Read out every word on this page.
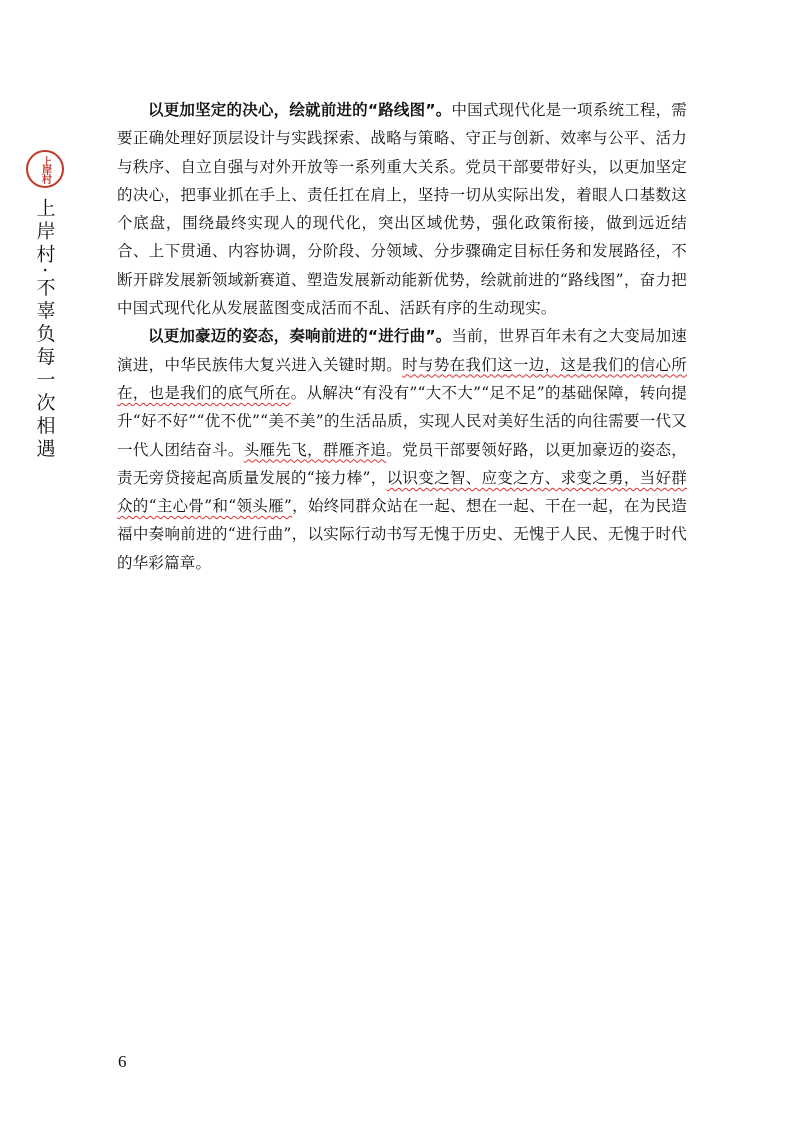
上岸村
上岸村·不辜负每一次相遇

以更加坚定的决心，绘就前进的“路线图”。中国式现代化是一项系统工程，需要正确处理好顶层设计与实践探索、战略与策略、守正与创新、效率与公平、活力与秩序、自立自强与对外开放等一系列重大关系。党员干部要带好头，以更加坚定的决心，把事业抓在手上、责任扛在肩上，坚持一切从实际出发，着眼人口基数这个底盘，围绕最终实现人的现代化，突出区域优势，强化政策衔接，做到远近结合、上下贯通、内容协调，分阶段、分领域、分步骤确定目标任务和发展路径，不断开辟发展新领域新赛道、塑造发展新动能新优势，绘就前进的“路线图”，奋力把中国式现代化从发展蓝图变成活而不乱、活跃有序的生动现实。

以更加豪迈的姿态，奏响前进的“进行曲”。当前，世界百年未有之大变局加速演进，中华民族伟大复兴进入关键时期。时与势在我们这一边，这是我们的信心所在，也是我们的底气所在。从解决“有没有”“大不大”“足不足”的基础保障，转向提升“好不好”“优不优”“美不美”的生活品质，实现人民对美好生活的向往需要一代又一代人团结奋斗。头雁先飞，群雁齐追。党员干部要领好路，以更加豪迈的姿态，责无旁贷接起高质量发展的“接力棒”，以识变之智、应变之方、求变之勇，当好群众的“主心骨”和“领头雁”，始终同群众站在一起、想在一起、干在一起，在为民造福中奏响前进的“进行曲”，以实际行动书写无愧于历史、无愧于人民、无愧于时代的华彩篇章。

6
